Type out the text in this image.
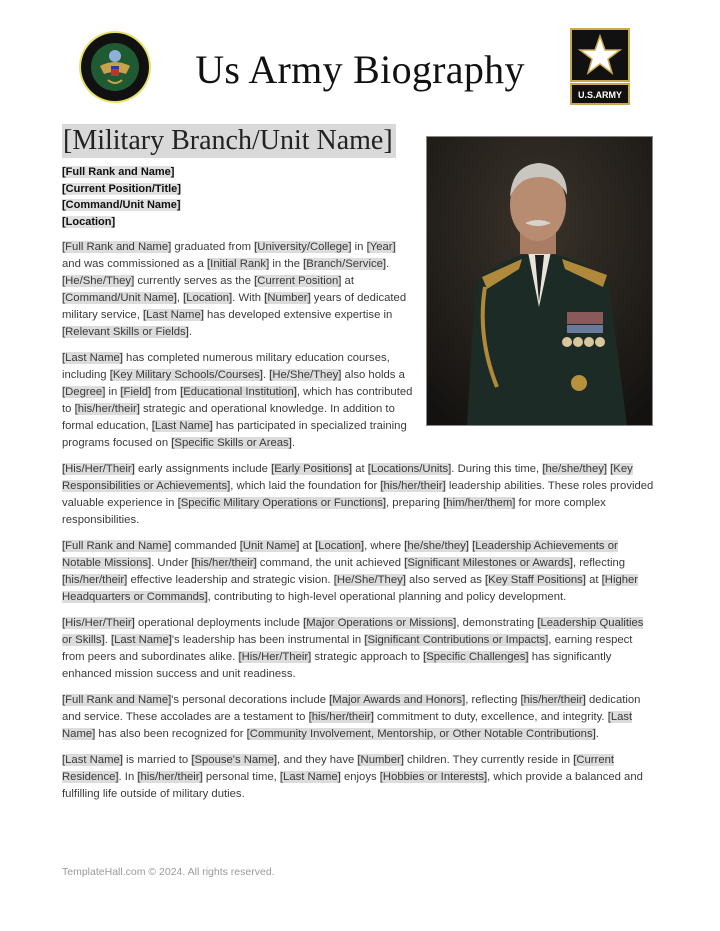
Us Army Biography
U.S.ARMY
[Military Branch/Unit Name]
[Full Rank and Name]
[Current Position/Title]
[Command/Unit Name]
[Location]

[Full Rank and Name] graduated from [University/College] in [Year] and was commissioned as a [Initial Rank] in the [Branch/Service]. [He/She/They] currently serves as the [Current Position] at [Command/Unit Name], [Location]. With [Number] years of dedicated military service, [Last Name] has developed extensive expertise in [Relevant Skills or Fields].

[Last Name] has completed numerous military education courses, including [Key Military Schools/Courses]. [He/She/They] also holds a [Degree] in [Field] from [Educational Institution], which has contributed to [his/her/their] strategic and operational knowledge. In addition to formal education, [Last Name] has participated in specialized training programs focused on [Specific Skills or Areas].

[His/Her/Their] early assignments include [Early Positions] at [Locations/Units]. During this time, [he/she/they] [Key Responsibilities or Achievements], which laid the foundation for [his/her/their] leadership abilities. These roles provided valuable experience in [Specific Military Operations or Functions], preparing [him/her/them] for more complex responsibilities.

[Full Rank and Name] commanded [Unit Name] at [Location], where [he/she/they] [Leadership Achievements or Notable Missions]. Under [his/her/their] command, the unit achieved [Significant Milestones or Awards], reflecting [his/her/their] effective leadership and strategic vision. [He/She/They] also served as [Key Staff Positions] at [Higher Headquarters or Commands], contributing to high-level operational planning and policy development.

[His/Her/Their] operational deployments include [Major Operations or Missions], demonstrating [Leadership Qualities or Skills]. [Last Name]'s leadership has been instrumental in [Significant Contributions or Impacts], earning respect from peers and subordinates alike. [His/Her/Their] strategic approach to [Specific Challenges] has significantly enhanced mission success and unit readiness.

[Full Rank and Name]'s personal decorations include [Major Awards and Honors], reflecting [his/her/their] dedication and service. These accolades are a testament to [his/her/their] commitment to duty, excellence, and integrity. [Last Name] has also been recognized for [Community Involvement, Mentorship, or Other Notable Contributions].

[Last Name] is married to [Spouse's Name], and they have [Number] children. They currently reside in [Current Residence]. In [his/her/their] personal time, [Last Name] enjoys [Hobbies or Interests], which provide a balanced and fulfilling life outside of military duties.

TemplateHall.com © 2024. All rights reserved.
